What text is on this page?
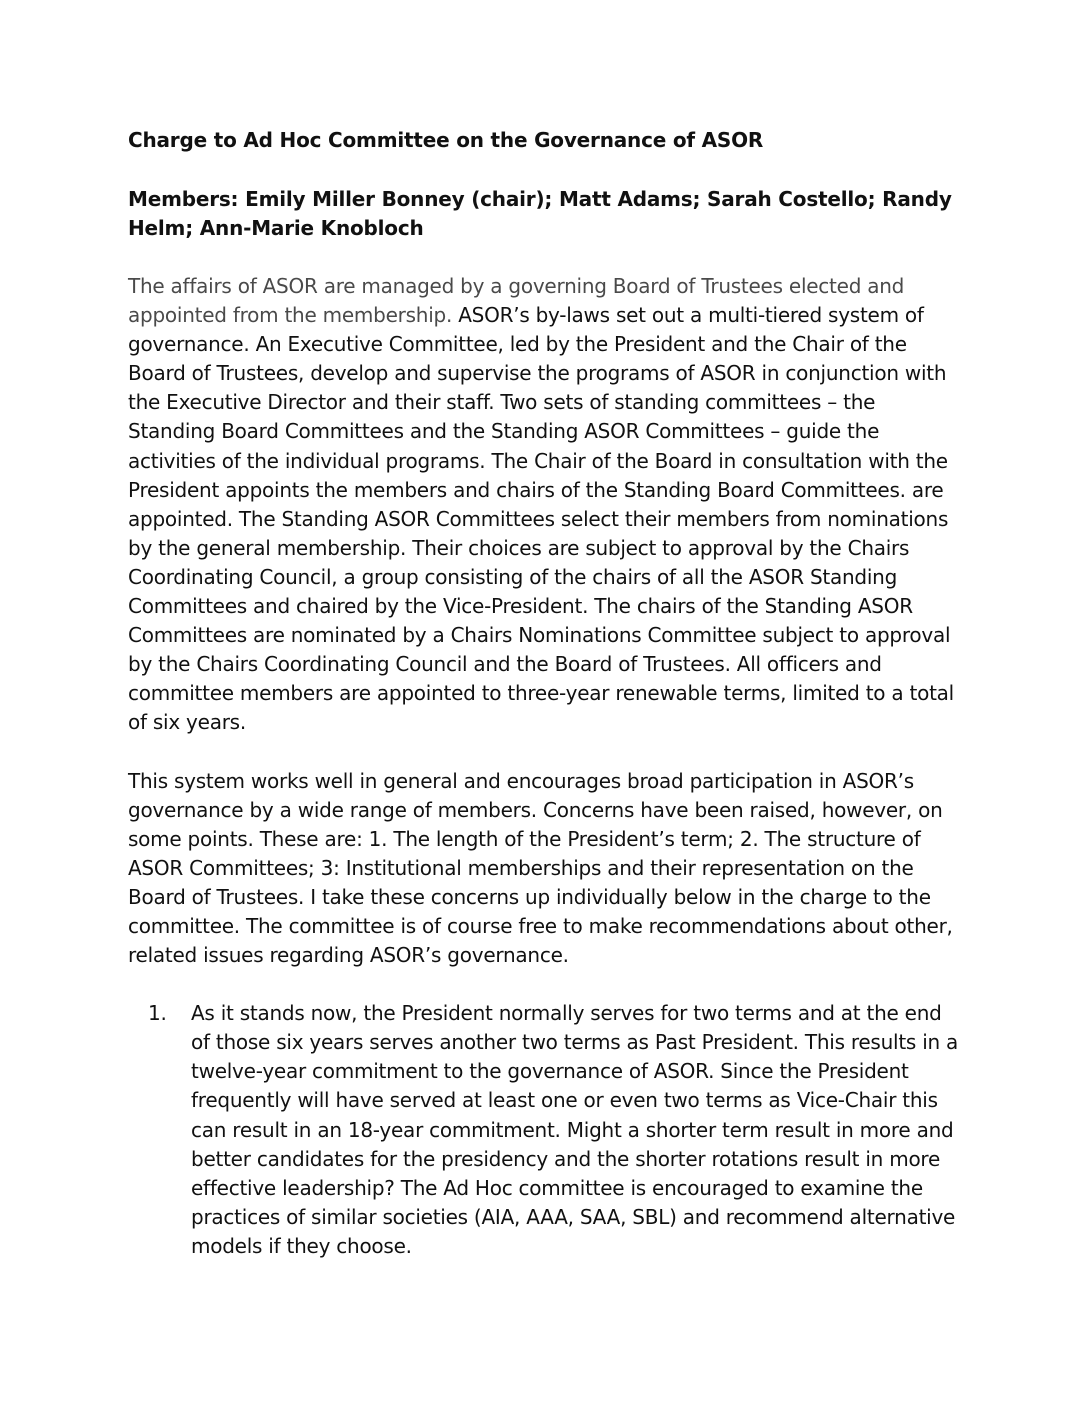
Charge to Ad Hoc Committee on the Governance of ASOR
Members: Emily Miller Bonney (chair); Matt Adams; Sarah Costello; Randy Helm; Ann-Marie Knobloch

The affairs of ASOR are managed by a governing Board of Trustees elected and appointed from the membership. ASOR’s by-laws set out a multi-tiered system of governance. An Executive Committee, led by the President and the Chair of the Board of Trustees, develop and supervise the programs of ASOR in conjunction with the Executive Director and their staff. Two sets of standing committees – the Standing Board Committees and the Standing ASOR Committees – guide the activities of the individual programs. The Chair of the Board in consultation with the President appoints the members and chairs of the Standing Board Committees. are appointed. The Standing ASOR Committees select their members from nominations by the general membership. Their choices are subject to approval by the Chairs Coordinating Council, a group consisting of the chairs of all the ASOR Standing Committees and chaired by the Vice-President. The chairs of the Standing ASOR Committees are nominated by a Chairs Nominations Committee subject to approval by the Chairs Coordinating Council and the Board of Trustees. All officers and committee members are appointed to three-year renewable terms, limited to a total of six years.

This system works well in general and encourages broad participation in ASOR’s governance by a wide range of members. Concerns have been raised, however, on some points. These are: 1. The length of the President’s term; 2. The structure of ASOR Committees; 3: Institutional memberships and their representation on the Board of Trustees. I take these concerns up individually below in the charge to the committee. The committee is of course free to make recommendations about other, related issues regarding ASOR’s governance.

1. As it stands now, the President normally serves for two terms and at the end of those six years serves another two terms as Past President. This results in a twelve-year commitment to the governance of ASOR. Since the President frequently will have served at least one or even two terms as Vice-Chair this can result in an 18-year commitment. Might a shorter term result in more and better candidates for the presidency and the shorter rotations result in more effective leadership? The Ad Hoc committee is encouraged to examine the practices of similar societies (AIA, AAA, SAA, SBL) and recommend alternative models if they choose.
